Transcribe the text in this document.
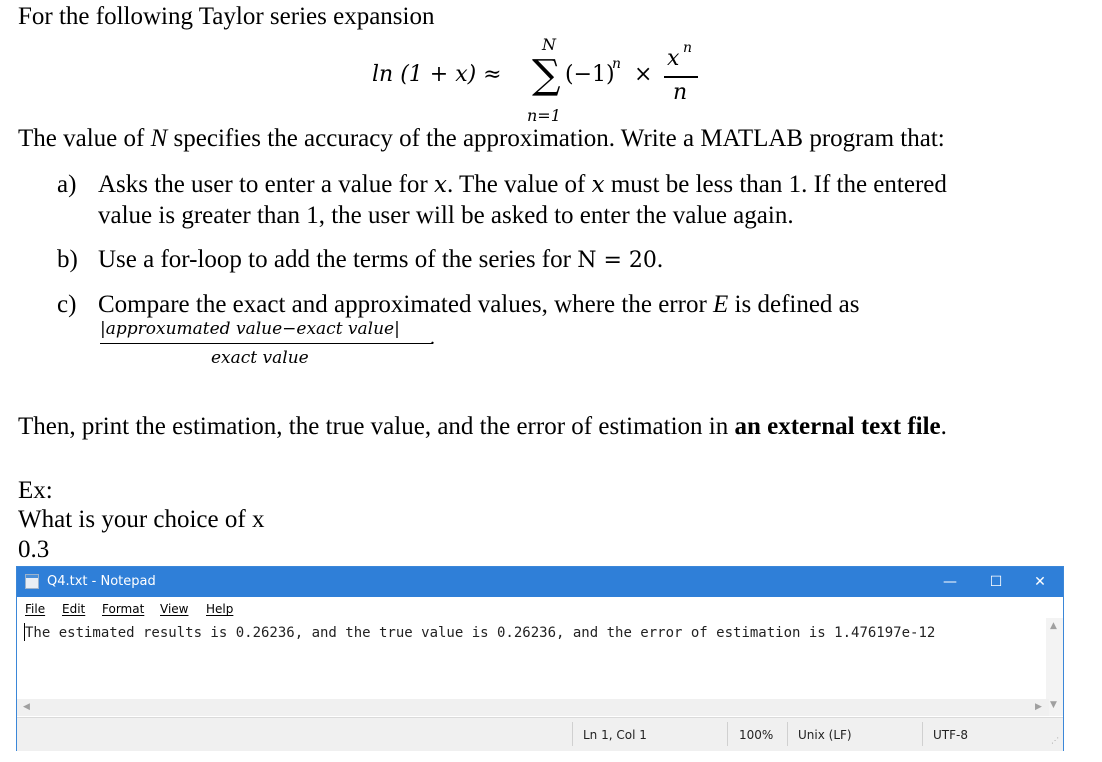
For the following Taylor series expansion
ln (1 + x) ≈
N
∑
n=1
(−1)
n ×
x n
n
The value of N specifies the accuracy of the approximation. Write a MATLAB program that:
a) Asks the user to enter a value for x. The value of x must be less than 1. If the entered
value is greater than 1, the user will be asked to enter the value again.
b) Use a for-loop to add the terms of the series for N = 20.
c) Compare the exact and approximated values, where the error E is defined as
|approxumated value−exact value| .
exact value
Then, print the estimation, the true value, and the error of estimation in an external text file.
Ex:
What is your choice of x
0.3
Q4.txt - Notepad	—	☐	✕
File Edit Format View Help
The estimated results is 0.26236, and the true value is 0.26236, and the error of estimation is 1.476197e-12	▲
▼
◀	▶
Ln 1, Col 1	100% Unix (LF)	UTF-8	⋰
